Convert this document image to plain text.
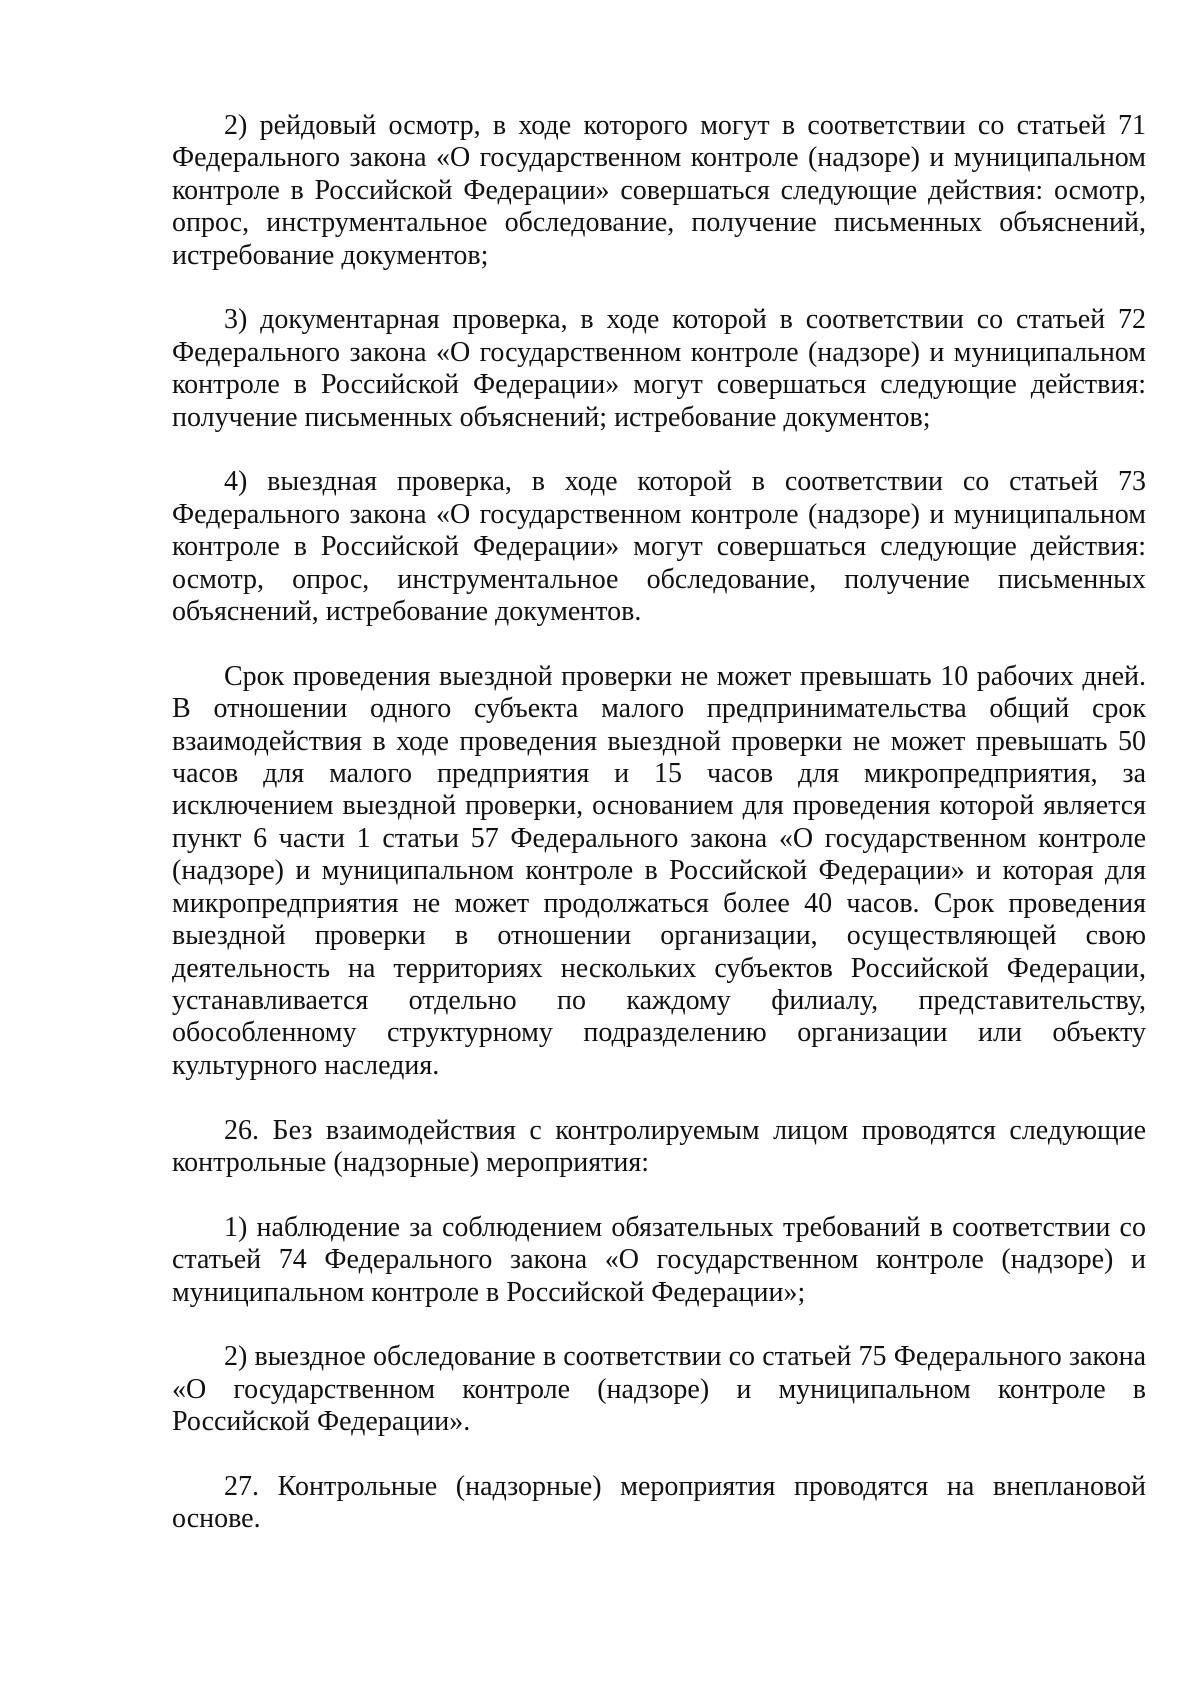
2) рейдовый осмотр, в ходе которого могут в соответствии со статьей 71 Федерального закона «О государственном контроле (надзоре) и муниципальном контроле в Российской Федерации» совершаться следующие действия: осмотр, опрос, инструментальное обследование, получение письменных объяснений, истребование документов;

3) документарная проверка, в ходе которой в соответствии со статьей 72 Федерального закона «О государственном контроле (надзоре) и муниципальном контроле в Российской Федерации» могут совершаться следующие действия: получение письменных объяснений; истребование документов;

4) выездная проверка, в ходе которой в соответствии со статьей 73 Федерального закона «О государственном контроле (надзоре) и муниципальном контроле в Российской Федерации» могут совершаться следующие действия: осмотр, опрос, инструментальное обследование, получение письменных объяснений, истребование документов.

Срок проведения выездной проверки не может превышать 10 рабочих дней. В отношении одного субъекта малого предпринимательства общий срок взаимодействия в ходе проведения выездной проверки не может превышать 50 часов для малого предприятия и 15 часов для микропредприятия, за исключением выездной проверки, основанием для проведения которой является пункт 6 части 1 статьи 57 Федерального закона «О государственном контроле (надзоре) и муниципальном контроле в Российской Федерации» и которая для микропредприятия не может продолжаться более 40 часов. Срок проведения выездной проверки в отношении организации, осуществляющей свою деятельность на территориях нескольких субъектов Российской Федерации, устанавливается отдельно по каждому филиалу, представительству, обособленному структурному подразделению организации или объекту культурного наследия.

26. Без взаимодействия с контролируемым лицом проводятся следующие контрольные (надзорные) мероприятия:

1) наблюдение за соблюдением обязательных требований в соответствии со статьей 74 Федерального закона «О государственном контроле (надзоре) и муниципальном контроле в Российской Федерации»;

2) выездное обследование в соответствии со статьей 75 Федерального закона «О государственном контроле (надзоре) и муниципальном контроле в Российской Федерации».

27. Контрольные (надзорные) мероприятия проводятся на внеплановой основе.
